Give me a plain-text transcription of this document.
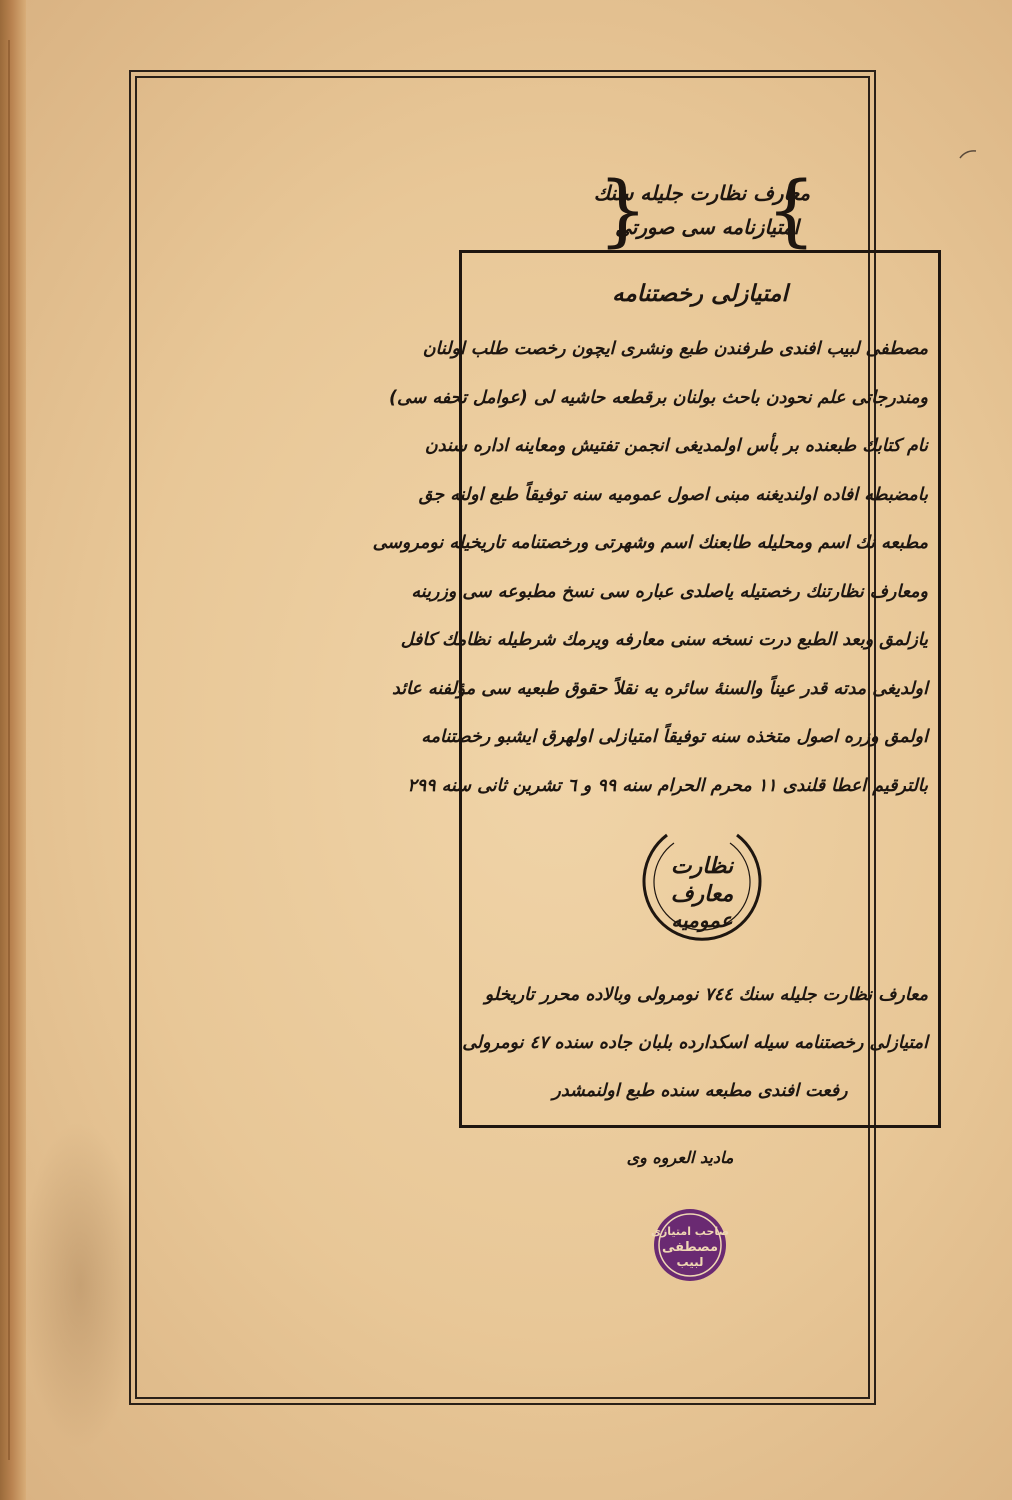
{ }
معارف نظارت جلیله سنك
امتیازنامه سی صورتی
امتیازلی رخصتنامه
مصطفی لبیب افندی طرفندن طبع ونشری ایچون رخصت طلب اولنان
ومندرجاتی علم نحودن باحث بولنان برقطعه حاشیه لی (عوامل تحفه سی)
نام کتابك طبعنده بر بأس اولمدیغی انجمن تفتیش ومعاینه اداره سندن
بامضبطه افاده اولندیغنه مبنی اصول عمومیه سنه توفیقاً طبع اولنه جق
مطبعه نك اسم ومحلیله طابعنك اسم وشهرتی ورخصتنامه تاریخیله نومروسی
ومعارف نظارتنك رخصتیله یاصلدی عباره سی نسخ مطبوعه سی وزرینه
یازلمق وبعد الطبع درت نسخه سنی معارفه ویرمك شرطیله نظامك کافل
اولدیغی مدته قدر عیناً والسنهٔ سائره یه نقلاً حقوق طبعیه سی مؤلفنه عائد
اولمق وزره اصول متخذه سنه توفیقاً امتیازلی اولهرق ایشبو رخصتنامه
بالترقیم اعطا قلندی ١١ محرم الحرام سنه ٩٩ و ٦ تشرین ثانی سنه ٢٩٩
نظارت
معارف
عمومیه
معارف نظارت جلیله سنك ٧٤٤ نومرولی وبالاده محرر تاریخلو
امتیازلی رخصتنامه سیله اسکدارده بلبان جاده سنده ٤٧ نومرولی
رفعت افندی مطبعه سنده طبع اولنمشدر
مادید العروه وی
صاحب امتیازی
مصطفی
لبیب
